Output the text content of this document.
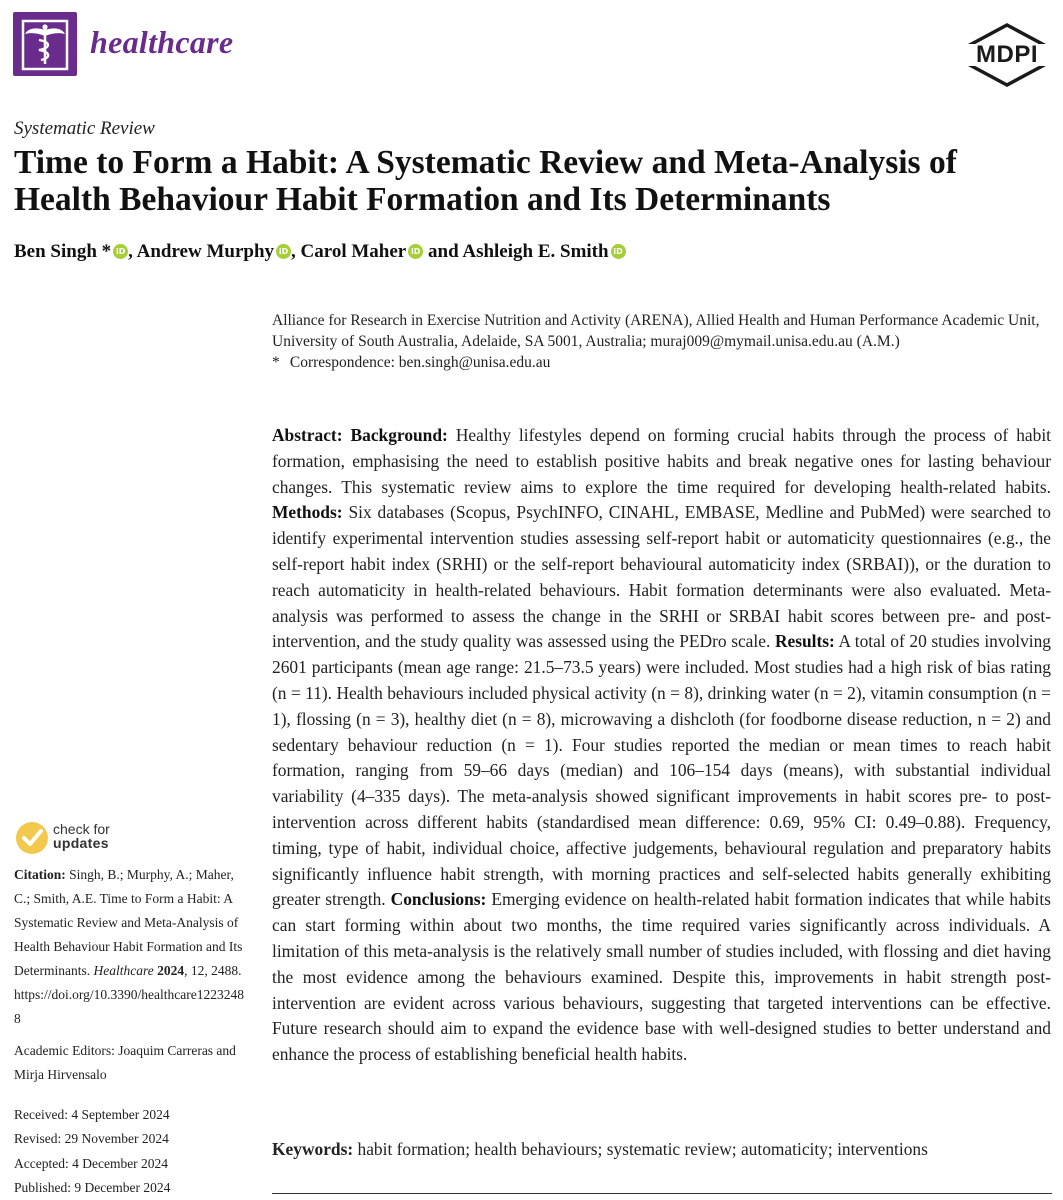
healthcare	MDPI
Systematic Review
Time to Form a Habit: A Systematic Review and Meta-Analysis of Health Behaviour Habit Formation and Its Determinants
Ben Singh * iD , Andrew Murphy iD , Carol Maher iD and Ashleigh E. Smith iD

Alliance for Research in Exercise Nutrition and Activity (ARENA), Allied Health and Human Performance Academic Unit, University of South Australia, Adelaide, SA 5001, Australia; muraj009@mymail.unisa.edu.au (A.M.)

* Correspondence: ben.singh@unisa.edu.au

Abstract: Background: Healthy lifestyles depend on forming crucial habits through the process of habit formation, emphasising the need to establish positive habits and break negative ones for lasting behaviour changes. This systematic review aims to explore the time required for developing health-related habits. Methods: Six databases (Scopus, PsychINFO, CINAHL, EMBASE, Medline and PubMed) were searched to identify experimental intervention studies assessing self-report habit or automaticity questionnaires (e.g., the self-report habit index (SRHI) or the self-report behavioural automaticity index (SRBAI)), or the duration to reach automaticity in health-related behaviours. Habit formation determinants were also evaluated. Meta-analysis was performed to assess the change in the SRHI or SRBAI habit scores between pre- and post-intervention, and the study quality was assessed using the PEDro scale. Results: A total of 20 studies involving 2601 participants (mean age range: 21.5–73.5 years) were included. Most studies had a high risk of bias rating (n = 11). Health behaviours included physical activity (n = 8), drinking water (n = 2), vitamin consumption (n = 1), flossing (n = 3), healthy diet (n = 8), microwaving a dishcloth (for foodborne disease reduction, n = 2) and sedentary behaviour reduction (n = 1). Four studies reported the median or mean times to reach habit formation, ranging from 59–66 days (median) and 106–154 days (means), with substantial individual variability (4–335 days). The meta-analysis showed significant improvements in habit scores pre- to post-intervention across different habits (standardised mean difference: 0.69, 95% CI: 0.49–0.88). Frequency, timing, type of habit, individual choice, affective judgements, behavioural regulation and preparatory habits significantly influence habit strength, with morning practices and self-selected habits generally exhibiting greater strength. Conclusions: Emerging evidence on health-related habit formation indicates that while habits can start forming within about two months, the time required varies significantly across individuals. A limitation of this meta-analysis is the relatively small number of studies included, with flossing and diet having the most evidence among the behaviours examined. Despite this, improvements in habit strength post-intervention are evident across various behaviours, suggesting that targeted interventions can be effective. Future research should aim to expand the evidence base with well-designed studies to better understand and enhance the process of establishing beneficial health habits.
Keywords: habit formation; health behaviours; systematic review; automaticity; interventions
check for
updates

Citation: Singh, B.; Murphy, A.; Maher, C.; Smith, A.E. Time to Form a Habit: A Systematic Review and Meta-Analysis of Health Behaviour Habit Formation and Its Determinants. Healthcare 2024, 12, 2488. https://doi.org/10.3390/healthcare12232488

Academic Editors: Joaquim Carreras and Mirja Hirvensalo
Received: 4 September 2024
Revised: 29 November 2024
Accepted: 4 December 2024
Published: 9 December 2024
